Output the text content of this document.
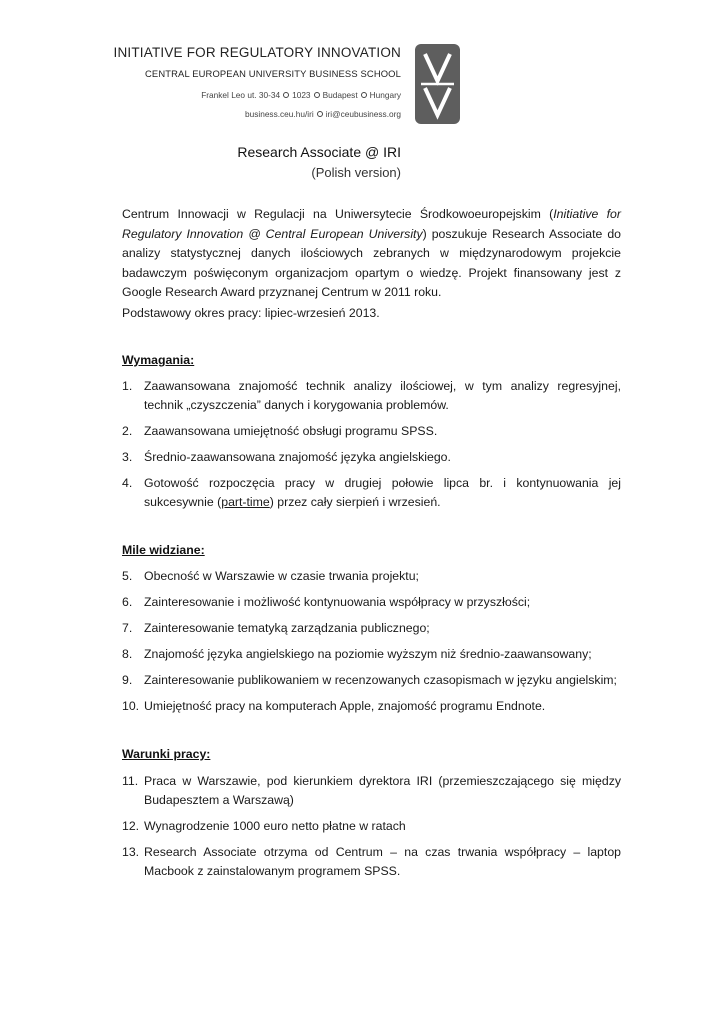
INITIATIVE FOR REGULATORY INNOVATION
CENTRAL EUROPEAN UNIVERSITY BUSINESS SCHOOL
Frankel Leo ut. 30-34 1023 Budapest Hungary
business.ceu.hu/iri iri@ceubusiness.org
Research Associate @ IRI
(Polish version)

Centrum Innowacji w Regulacji na Uniwersytecie Środkowoeuropejskim (Initiative for Regulatory Innovation @ Central European University) poszukuje Research Associate do analizy statystycznej danych ilościowych zebranych w międzynarodowym projekcie badawczym poświęconym organizacjom opartym o wiedzę. Projekt finansowany jest z Google Research Award przyznanej Centrum w 2011 roku.

Podstawowy okres pracy: lipiec-wrzesień 2013.

Wymagania:
1. Zaawansowana znajomość technik analizy ilościowej, w tym analizy regresyjnej, technik „czyszczenia” danych i korygowania problemów.
2. Zaawansowana umiejętność obsługi programu SPSS.
3. Średnio-zaawansowana znajomość języka angielskiego.
4. Gotowość rozpoczęcia pracy w drugiej połowie lipca br. i kontynuowania jej sukcesywnie (part-time) przez cały sierpień i wrzesień.
Mile widziane:
5. Obecność w Warszawie w czasie trwania projektu;
6. Zainteresowanie i możliwość kontynuowania współpracy w przyszłości;
7. Zainteresowanie tematyką zarządzania publicznego;
8. Znajomość języka angielskiego na poziomie wyższym niż średnio-zaawansowany;
9. Zainteresowanie publikowaniem w recenzowanych czasopismach w języku angielskim;
10. Umiejętność pracy na komputerach Apple, znajomość programu Endnote.
Warunki pracy:
11. Praca w Warszawie, pod kierunkiem dyrektora IRI (przemieszczającego się między Budapesztem a Warszawą)
12. Wynagrodzenie 1000 euro netto płatne w ratach
13. Research Associate otrzyma od Centrum – na czas trwania współpracy – laptop Macbook z zainstalowanym programem SPSS.
